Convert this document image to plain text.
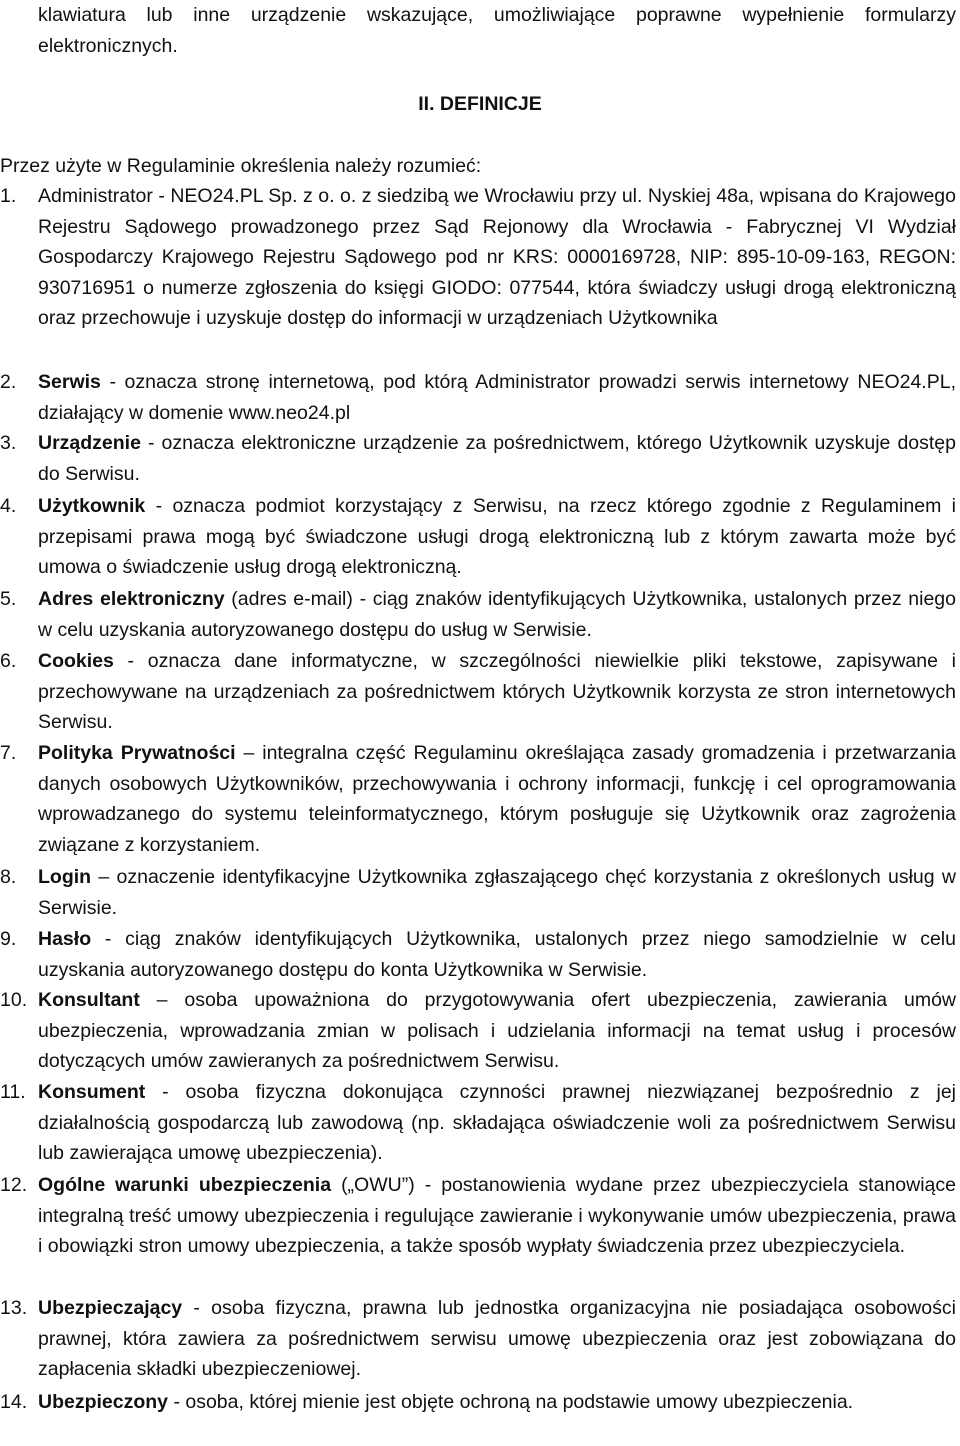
klawiatura lub inne urządzenie wskazujące, umożliwiające poprawne wypełnienie formularzy elektronicznych.
II. DEFINICJE
Przez użyte w Regulaminie określenia należy rozumieć:
1.	Administrator - NEO24.PL Sp. z o. o. z siedzibą we Wrocławiu przy ul. Nyskiej 48a, wpisana do Krajowego Rejestru Sądowego prowadzonego przez Sąd Rejonowy dla Wrocławia - Fabrycznej VI Wydział Gospodarczy Krajowego Rejestru Sądowego pod nr KRS: 0000169728, NIP: 895-10-09-163, REGON: 930716951 o numerze zgłoszenia do księgi GIODO: 077544, która świadczy usługi drogą elektroniczną oraz przechowuje i uzyskuje dostęp do informacji w urządzeniach Użytkownika
2.	Serwis - oznacza stronę internetową, pod którą Administrator prowadzi serwis internetowy NEO24.PL, działający w domenie www.neo24.pl
3.	Urządzenie - oznacza elektroniczne urządzenie za pośrednictwem, którego Użytkownik uzyskuje dostęp do Serwisu.
4.	Użytkownik - oznacza podmiot korzystający z Serwisu, na rzecz którego zgodnie z Regulaminem i przepisami prawa mogą być świadczone usługi drogą elektroniczną lub z którym zawarta może być umowa o świadczenie usług drogą elektroniczną.
5.	Adres elektroniczny (adres e-mail) - ciąg znaków identyfikujących Użytkownika, ustalonych przez niego w celu uzyskania autoryzowanego dostępu do usług w Serwisie.
6.	Cookies - oznacza dane informatyczne, w szczególności niewielkie pliki tekstowe, zapisywane i przechowywane na urządzeniach za pośrednictwem których Użytkownik korzysta ze stron internetowych Serwisu.
7.	Polityka Prywatności – integralna część Regulaminu określająca zasady gromadzenia i przetwarzania danych osobowych Użytkowników, przechowywania i ochrony informacji, funkcję i cel oprogramowania wprowadzanego do systemu teleinformatycznego, którym posługuje się Użytkownik oraz zagrożenia związane z korzystaniem.
8.	Login – oznaczenie identyfikacyjne Użytkownika zgłaszającego chęć korzystania z określonych usług w Serwisie.
9.	Hasło - ciąg znaków identyfikujących Użytkownika, ustalonych przez niego samodzielnie w celu uzyskania autoryzowanego dostępu do konta Użytkownika w Serwisie.
10. Konsultant – osoba upoważniona do przygotowywania ofert ubezpieczenia, zawierania umów ubezpieczenia, wprowadzania zmian w polisach i udzielania informacji na temat usług i procesów dotyczących umów zawieranych za pośrednictwem Serwisu.
11. Konsument - osoba fizyczna dokonująca czynności prawnej niezwiązanej bezpośrednio z jej działalnością gospodarczą lub zawodową (np. składająca oświadczenie woli za pośrednictwem Serwisu lub zawierająca umowę ubezpieczenia).
12. Ogólne warunki ubezpieczenia („OWU”) - postanowienia wydane przez ubezpieczyciela stanowiące integralną treść umowy ubezpieczenia i regulujące zawieranie i wykonywanie umów ubezpieczenia, prawa i obowiązki stron umowy ubezpieczenia, a także sposób wypłaty świadczenia przez ubezpieczyciela.
13. Ubezpieczający - osoba fizyczna, prawna lub jednostka organizacyjna nie posiadająca osobowości prawnej, która zawiera za pośrednictwem serwisu umowę ubezpieczenia oraz jest zobowiązana do zapłacenia składki ubezpieczeniowej.
14. Ubezpieczony - osoba, której mienie jest objęte ochroną na podstawie umowy ubezpieczenia.
